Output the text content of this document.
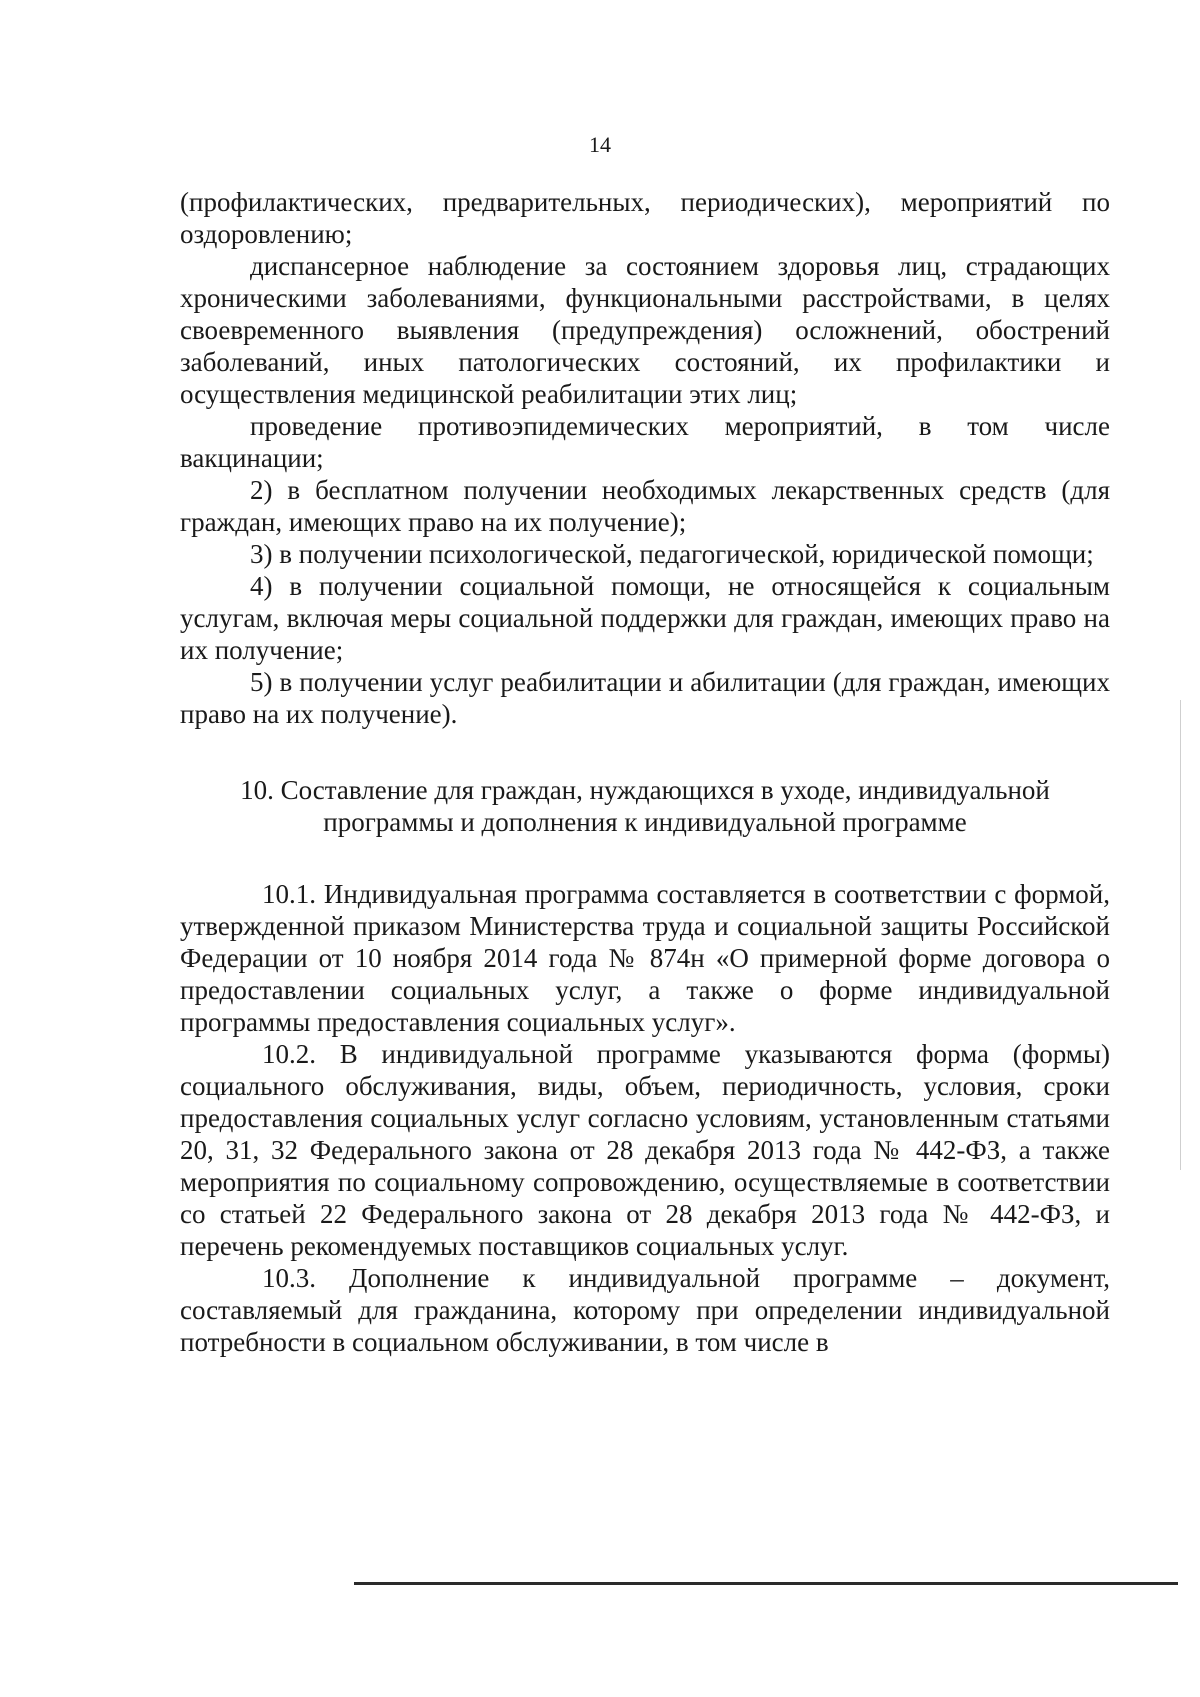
14

(профилактических, предварительных, периодических), мероприятий по оздоровлению;

диспансерное наблюдение за состоянием здоровья лиц, страдающих хроническими заболеваниями, функциональными расстройствами, в целях своевременного выявления (предупреждения) осложнений, обострений заболеваний, иных патологических состояний, их профилактики и осуществления медицинской реабилитации этих лиц;

проведение противоэпидемических мероприятий, в том числе вакцинации;

2) в бесплатном получении необходимых лекарственных средств (для граждан, имеющих право на их получение);

3) в получении психологической, педагогической, юридической помощи;

4) в получении социальной помощи, не относящейся к социальным услугам, включая меры социальной поддержки для граждан, имеющих право на их получение;

5) в получении услуг реабилитации и абилитации (для граждан, имеющих право на их получение).

10. Составление для граждан, нуждающихся в уходе, индивидуальной
программы и дополнения к индивидуальной программе

10.1. Индивидуальная программа составляется в соответствии с формой, утвержденной приказом Министерства труда и социальной защиты Российской Федерации от 10 ноября 2014 года № 874н «О примерной форме договора о предоставлении социальных услуг, а также о форме индивидуальной программы предоставления социальных услуг».

10.2. В индивидуальной программе указываются форма (формы) социального обслуживания, виды, объем, периодичность, условия, сроки предоставления социальных услуг согласно условиям, установленным статьями 20, 31, 32 Федерального закона от 28 декабря 2013 года № 442-ФЗ, а также мероприятия по социальному сопровождению, осуществляемые в соответствии со статьей 22 Федерального закона от 28 декабря 2013 года № 442-ФЗ, и перечень рекомендуемых поставщиков социальных услуг.

10.3. Дополнение к индивидуальной программе – документ, составляемый для гражданина, которому при определении индивидуальной потребности в социальном обслуживании, в том числе в
